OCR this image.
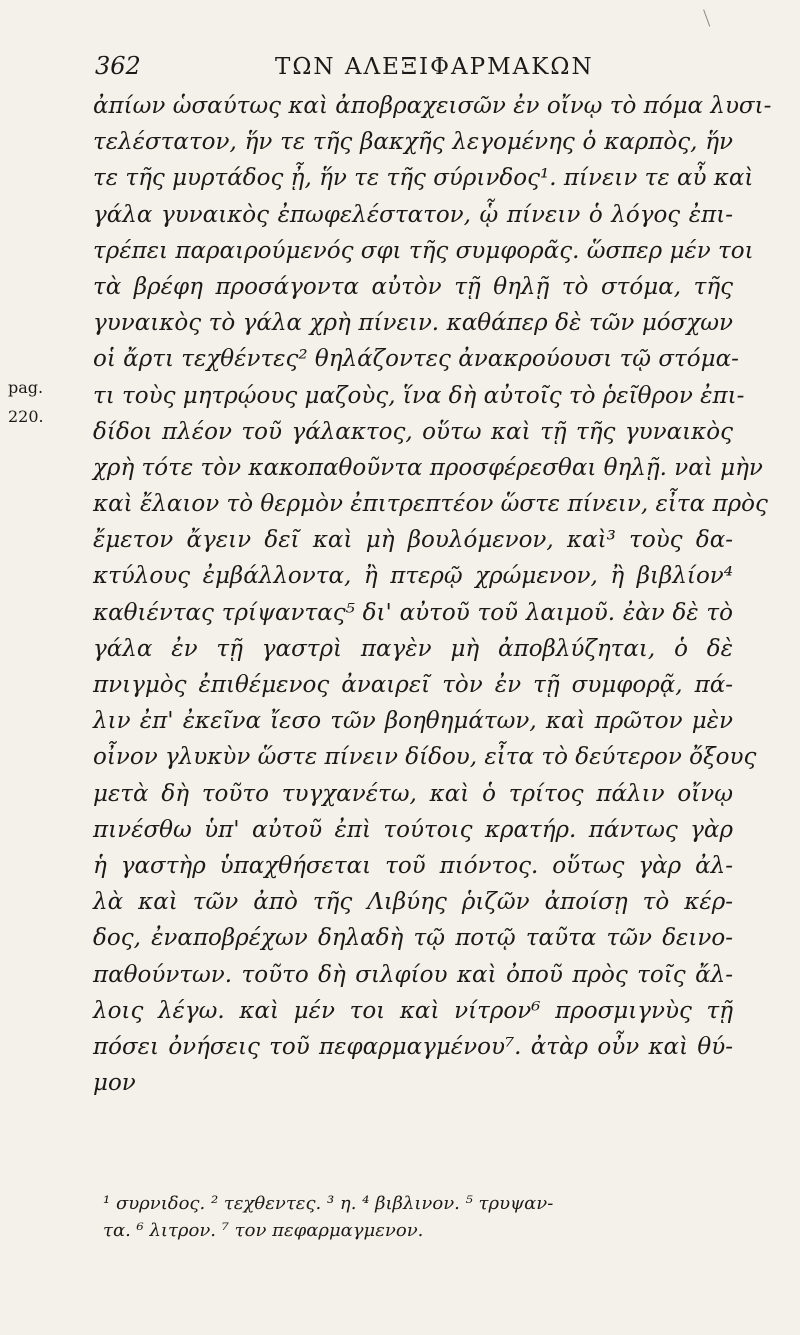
362	ΤΩΝ ΑΛΕΞΙΦΑΡΜΑΚΩΝ
pag.
220.
ἀπίων ὡσαύτως καὶ ἀποβραχεισῶν ἐν οἴνῳ τὸ πόμα λυσι-
τελέστατον, ἥν τε τῆς βακχῆς λεγομένης ὁ καρπὸς, ἥν
τε τῆς μυρτάδος ᾖ, ἥν τε τῆς σύρινδος¹. πίνειν τε αὖ καὶ
γάλα γυναικὸς ἐπωφελέστατον, ᾧ πίνειν ὁ λόγος ἐπι-
τρέπει παραιρούμενός σφι τῆς συμφορᾶς. ὥσπερ μέν τοι
τὰ βρέφη προσάγοντα αὐτὸν τῇ θηλῇ τὸ στόμα, τῆς
γυναικὸς τὸ γάλα χρὴ πίνειν. καθάπερ δὲ τῶν μόσχων
οἱ ἄρτι τεχθέντες² θηλάζοντες ἀνακρούουσι τῷ στόμα-
τι τοὺς μητρῴους μαζοὺς, ἵνα δὴ αὐτοῖς τὸ ῥεῖθρον ἐπι-
δίδοι πλέον τοῦ γάλακτος, οὕτω καὶ τῇ τῆς γυναικὸς
χρὴ τότε τὸν κακοπαθοῦντα προσφέρεσθαι θηλῇ. ναὶ μὴν
καὶ ἔλαιον τὸ θερμὸν ἐπιτρεπτέον ὥστε πίνειν, εἶτα πρὸς
ἔμετον ἄγειν δεῖ καὶ μὴ βουλόμενον, καὶ³ τοὺς δα-
κτύλους ἐμβάλλοντα, ἢ πτερῷ χρώμενον, ἢ βιβλίον⁴
καθιέντας τρίψαντας⁵ δι' αὐτοῦ τοῦ λαιμοῦ. ἐὰν δὲ τὸ
γάλα ἐν τῇ γαστρὶ παγὲν μὴ ἀποβλύζηται, ὁ δὲ
πνιγμὸς ἐπιθέμενος ἀναιρεῖ τὸν ἐν τῇ συμφορᾷ, πά-
λιν ἐπ' ἐκεῖνα ἴεσο τῶν βοηθημάτων, καὶ πρῶτον μὲν
οἶνον γλυκὺν ὥστε πίνειν δίδου, εἶτα τὸ δεύτερον ὄξους
μετὰ δὴ τοῦτο τυγχανέτω, καὶ ὁ τρίτος πάλιν οἴνῳ
πινέσθω ὑπ' αὐτοῦ ἐπὶ τούτοις κρατήρ. πάντως γὰρ
ἡ γαστὴρ ὑπαχθήσεται τοῦ πιόντος. οὕτως γὰρ ἀλ-
λὰ καὶ τῶν ἀπὸ τῆς Λιβύης ῥιζῶν ἀποίσῃ τὸ κέρ-
δος, ἐναποβρέχων δηλαδὴ τῷ ποτῷ ταῦτα τῶν δεινο-
παθούντων. τοῦτο δὴ σιλφίου καὶ ὀποῦ πρὸς τοῖς ἄλ-
λοις λέγω. καὶ μέν τοι καὶ νίτρον⁶ προσμιγνὺς τῇ
πόσει ὀνήσεις τοῦ πεφαρμαγμένου⁷. ἀτὰρ οὖν καὶ θύ-
μον
¹ συρνιδος. ² τεχθεντες. ³ η. ⁴ βιβλινον. ⁵ τρυψαν-
τα. ⁶ λιτρον. ⁷ τον πεφαρμαγμενον.
